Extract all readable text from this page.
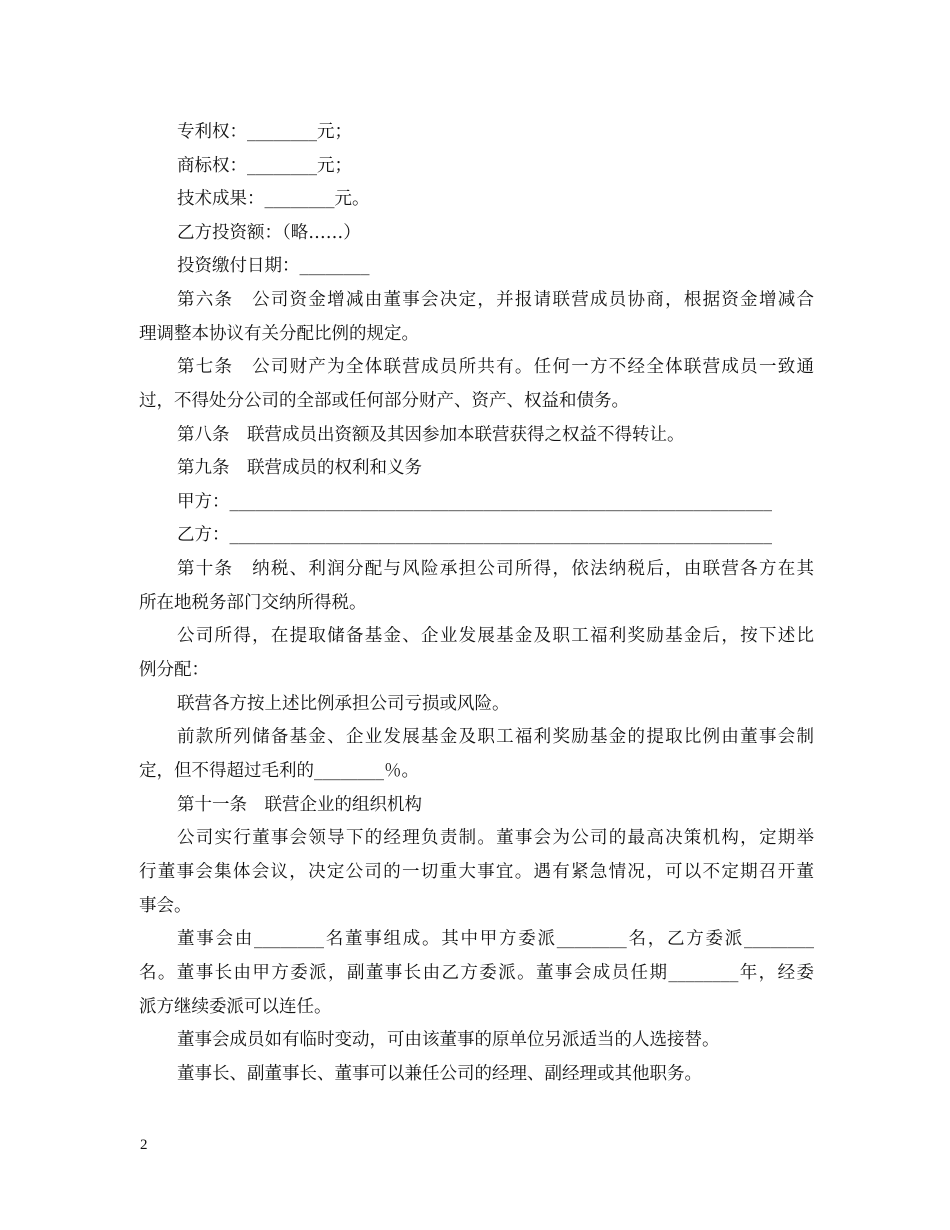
专利权：________元；
商标权：________元；
技术成果：________元。
乙方投资额：（略……）
投资缴付日期：________
第六条　公司资金增减由董事会决定，并报请联营成员协商，根据资金增减合
理调整本协议有关分配比例的规定。
第七条　公司财产为全体联营成员所共有。任何一方不经全体联营成员一致通
过，不得处分公司的全部或任何部分财产、资产、权益和债务。
第八条　联营成员出资额及其因参加本联营获得之权益不得转让。
第九条　联营成员的权利和义务
甲方：______________________________________________________________
乙方：______________________________________________________________
第十条　纳税、利润分配与风险承担公司所得，依法纳税后，由联营各方在其
所在地税务部门交纳所得税。
公司所得，在提取储备基金、企业发展基金及职工福利奖励基金后，按下述比
例分配：
联营各方按上述比例承担公司亏损或风险。
前款所列储备基金、企业发展基金及职工福利奖励基金的提取比例由董事会制
定，但不得超过毛利的________％。
第十一条　联营企业的组织机构
公司实行董事会领导下的经理负责制。董事会为公司的最高决策机构，定期举
行董事会集体会议，决定公司的一切重大事宜。遇有紧急情况，可以不定期召开董
事会。
董事会由________名董事组成。其中甲方委派________名，乙方委派________
名。董事长由甲方委派，副董事长由乙方委派。董事会成员任期________年，经委
派方继续委派可以连任。
董事会成员如有临时变动，可由该董事的原单位另派适当的人选接替。
董事长、副董事长、董事可以兼任公司的经理、副经理或其他职务。
2
